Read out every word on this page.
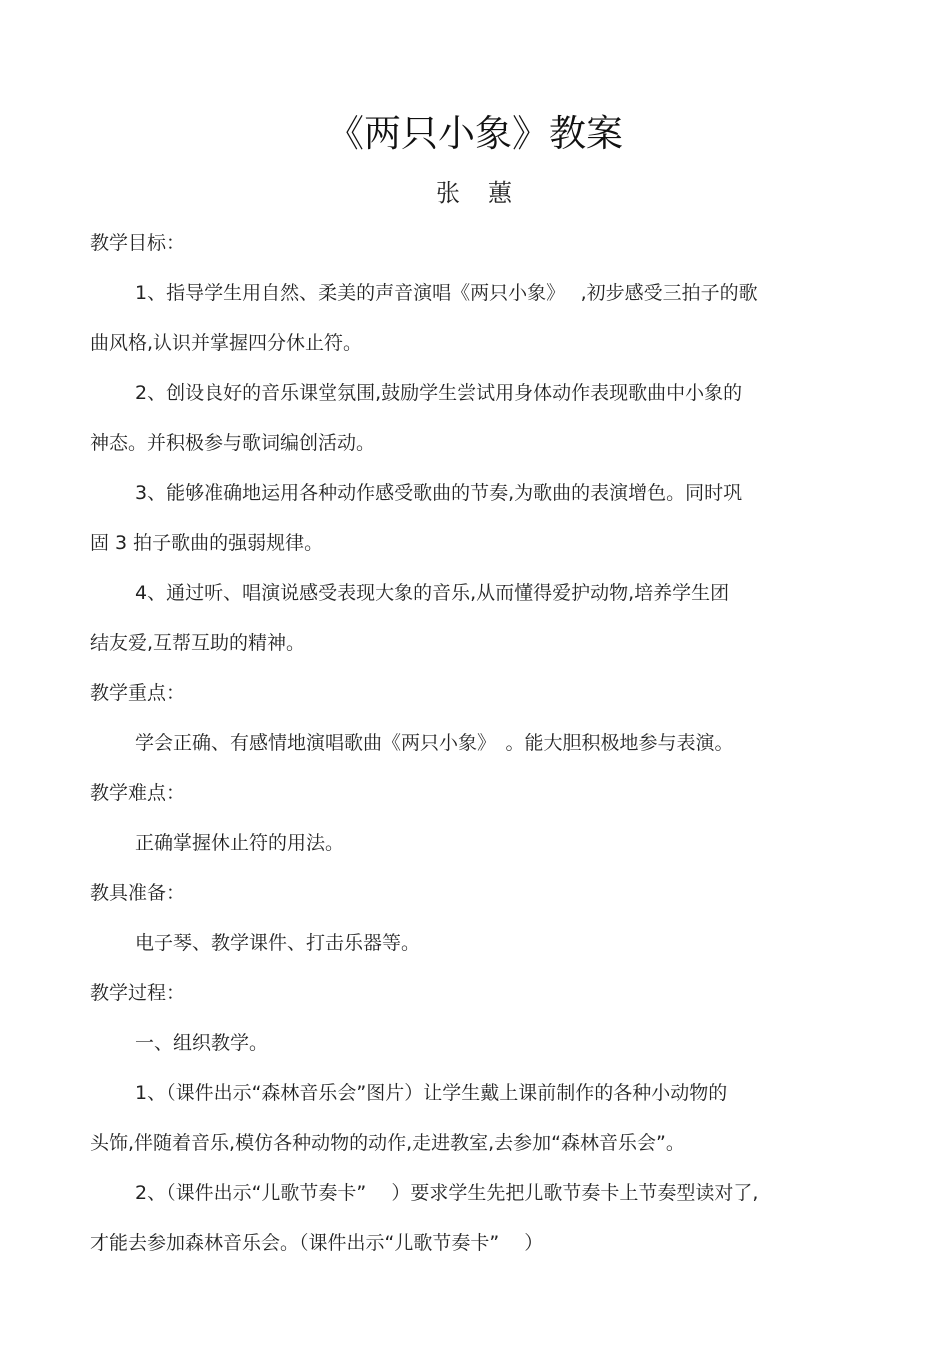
《两只小象》教案
张　蕙
教学目标：
1、指导学生用自然、柔美的声音演唱《两只小象》　 ,初步感受三拍子的歌
曲风格,认识并掌握四分休止符。
2、创设良好的音乐课堂氛围,鼓励学生尝试用身体动作表现歌曲中小象的
神态。并积极参与歌词编创活动。
3、能够准确地运用各种动作感受歌曲的节奏,为歌曲的表演增色。同时巩
固 3 拍子歌曲的强弱规律。
4、通过听、唱演说感受表现大象的音乐,从而懂得爱护动物,培养学生团
结友爱,互帮互助的精神。
教学重点：
学会正确、有感情地演唱歌曲《两只小象》　。能大胆积极地参与表演。
教学难点：
正确掌握休止符的用法。
教具准备：
电子琴、教学课件、打击乐器等。
教学过程：
一、组织教学。
1、（课件出示“森林音乐会”图片）让学生戴上课前制作的各种小动物的
头饰,伴随着音乐,模仿各种动物的动作,走进教室,去参加“森林音乐会”。
2、（课件出示“儿歌节奏卡”　 ）要求学生先把儿歌节奏卡上节奏型读对了,
才能去参加森林音乐会。（课件出示“儿歌节奏卡”　 ）
